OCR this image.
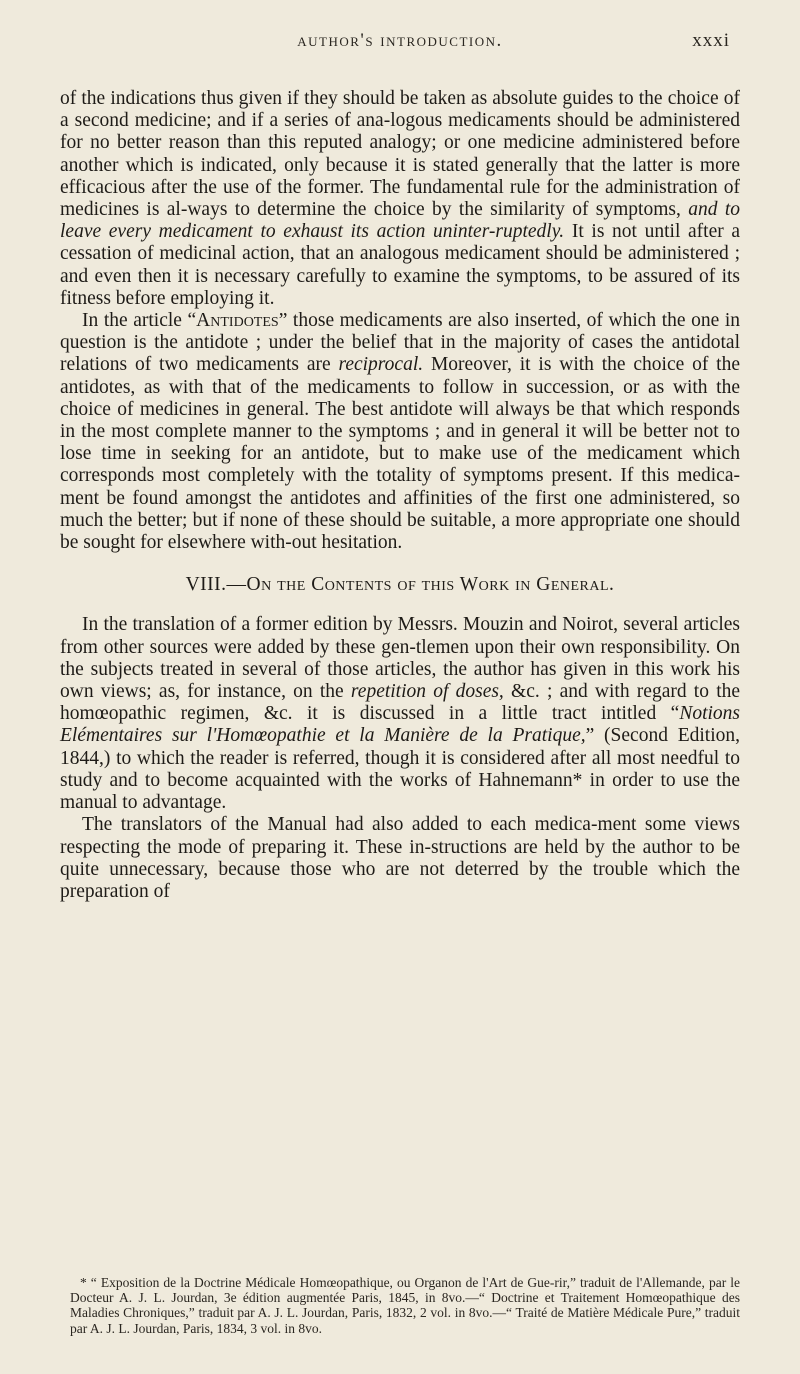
author's introduction.	xxxi

of the indications thus given if they should be taken as absolute guides to the choice of a second medicine; and if a series of ana-logous medicaments should be administered for no better reason than this reputed analogy; or one medicine administered before another which is indicated, only because it is stated generally that the latter is more efficacious after the use of the former. The fundamental rule for the administration of medicines is al-ways to determine the choice by the similarity of symptoms, and to leave every medicament to exhaust its action uninter-ruptedly. It is not until after a cessation of medicinal action, that an analogous medicament should be administered ; and even then it is necessary carefully to examine the symptoms, to be assured of its fitness before employing it.

In the article “Antidotes” those medicaments are also inserted, of which the one in question is the antidote ; under the belief that in the majority of cases the antidotal relations of two medicaments are reciprocal. Moreover, it is with the choice of the antidotes, as with that of the medicaments to follow in succession, or as with the choice of medicines in general. The best antidote will always be that which responds in the most complete manner to the symptoms ; and in general it will be better not to lose time in seeking for an antidote, but to make use of the medicament which corresponds most completely with the totality of symptoms present. If this medica-ment be found amongst the antidotes and affinities of the first one administered, so much the better; but if none of these should be suitable, a more appropriate one should be sought for elsewhere with-out hesitation.

VIII.—On the Contents of this Work in General.

In the translation of a former edition by Messrs. Mouzin and Noirot, several articles from other sources were added by these gen-tlemen upon their own responsibility. On the subjects treated in several of those articles, the author has given in this work his own views; as, for instance, on the repetition of doses, &c. ; and with regard to the homœopathic regimen, &c. it is discussed in a little tract intitled “Notions Elémentaires sur l'Homœopathie et la Manière de la Pratique,” (Second Edition, 1844,) to which the reader is referred, though it is considered after all most needful to study and to become acquainted with the works of Hahnemann* in order to use the manual to advantage.

The translators of the Manual had also added to each medica-ment some views respecting the mode of preparing it. These in-structions are held by the author to be quite unnecessary, because those who are not deterred by the trouble which the preparation of

* “ Exposition de la Doctrine Médicale Homœopathique, ou Organon de l'Art de Gue-rir,” traduit de l'Allemande, par le Docteur A. J. L. Jourdan, 3e édition augmentée Paris, 1845, in 8vo.—“ Doctrine et Traitement Homœopathique des Maladies Chroniques,” traduit par A. J. L. Jourdan, Paris, 1832, 2 vol. in 8vo.—“ Traité de Matière Médicale Pure,” traduit par A. J. L. Jourdan, Paris, 1834, 3 vol. in 8vo.
